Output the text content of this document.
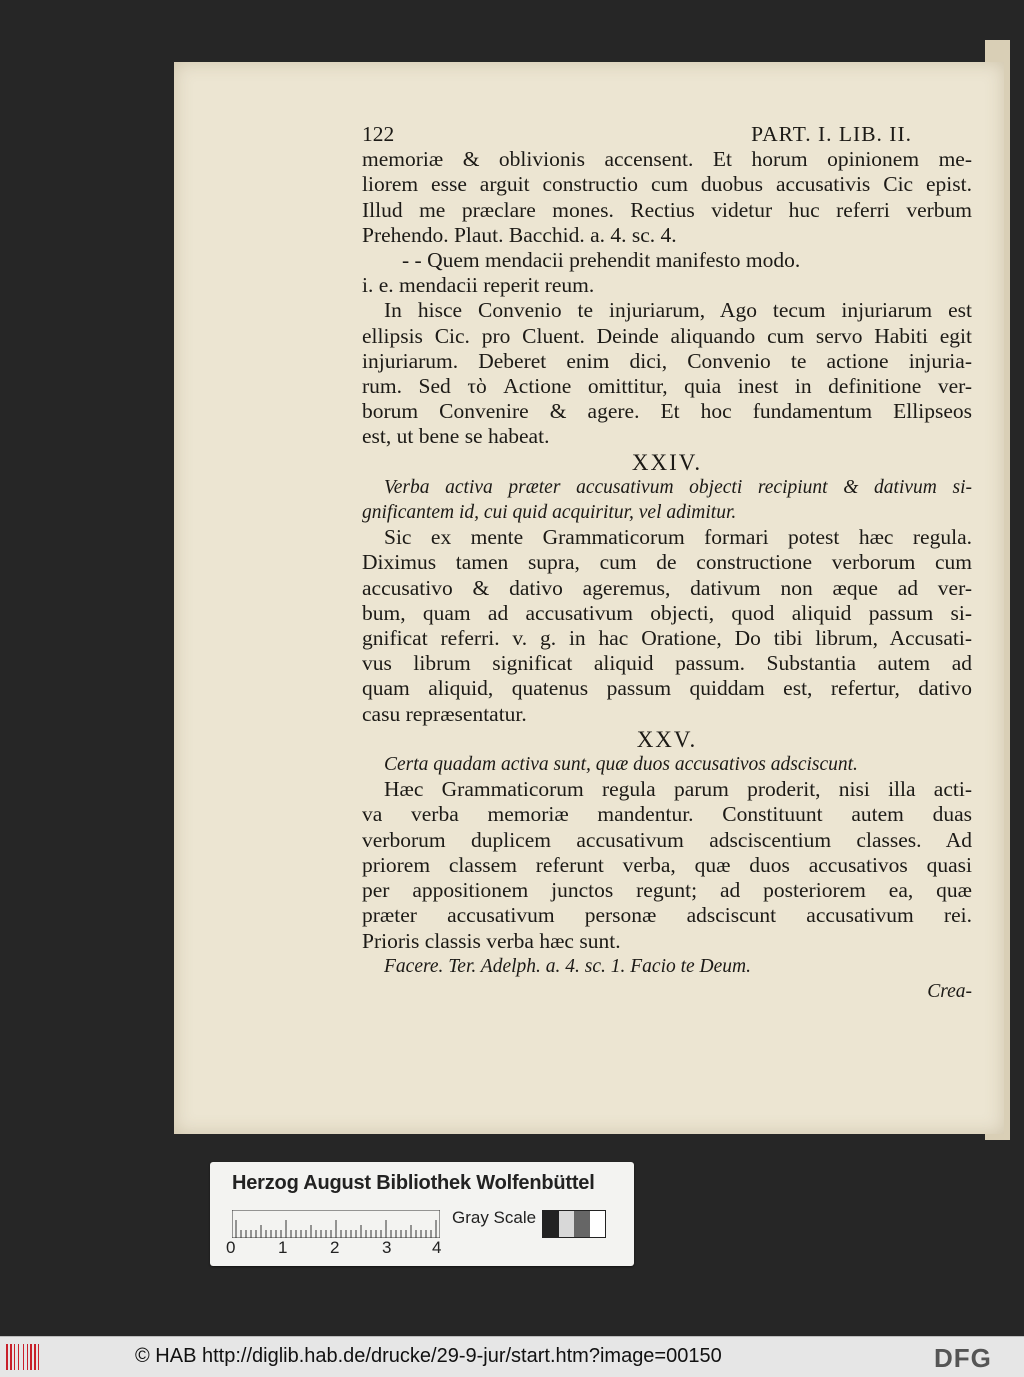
122	PART. I. LIB. II.
memoriæ & oblivionis accensent. Et horum opinionem me-
liorem esse arguit constructio cum duobus accusativis Cic epist.
Illud me præclare mones. Rectius videtur huc referri verbum
Prehendo. Plaut. Bacchid. a. 4. sc. 4.
- - Quem mendacii prehendit manifesto modo.
i. e. mendacii reperit reum.
In hisce Convenio te injuriarum, Ago tecum injuriarum est
ellipsis Cic. pro Cluent. Deinde aliquando cum servo Habiti egit
injuriarum. Deberet enim dici, Convenio te actione injuria-
rum. Sed τὸ Actione omittitur, quia inest in definitione ver-
borum Convenire & agere. Et hoc fundamentum Ellipseos
est, ut bene se habeat.
XXIV.
Verba activa præter accusativum objecti recipiunt & dativum si-
gnificantem id, cui quid acquiritur, vel adimitur.
Sic ex mente Grammaticorum formari potest hæc regula.
Diximus tamen supra, cum de constructione verborum cum
accusativo & dativo ageremus, dativum non æque ad ver-
bum, quam ad accusativum objecti, quod aliquid passum si-
gnificat referri. v. g. in hac Oratione, Do tibi librum, Accusati-
vus librum significat aliquid passum. Substantia autem ad
quam aliquid, quatenus passum quiddam est, refertur, dativo
casu repræsentatur.
XXV.
Certa quadam activa sunt, quæ duos accusativos adsciscunt.
Hæc Grammaticorum regula parum proderit, nisi illa acti-
va verba memoriæ mandentur. Constituunt autem duas
verborum duplicem accusativum adsciscentium classes. Ad
priorem classem referunt verba, quæ duos accusativos quasi
per appositionem junctos regunt; ad posteriorem ea, quæ
præter accusativum personæ adsciscunt accusativum rei.
Prioris classis verba hæc sunt.
Facere. Ter. Adelph. a. 4. sc. 1. Facio te Deum.
Crea-
Herzog August Bibliothek Wolfenbüttel
0	1	2	3 4
Gray Scale
© HAB http://diglib.hab.de/drucke/29-9-jur/start.htm?image=00150	DFG
